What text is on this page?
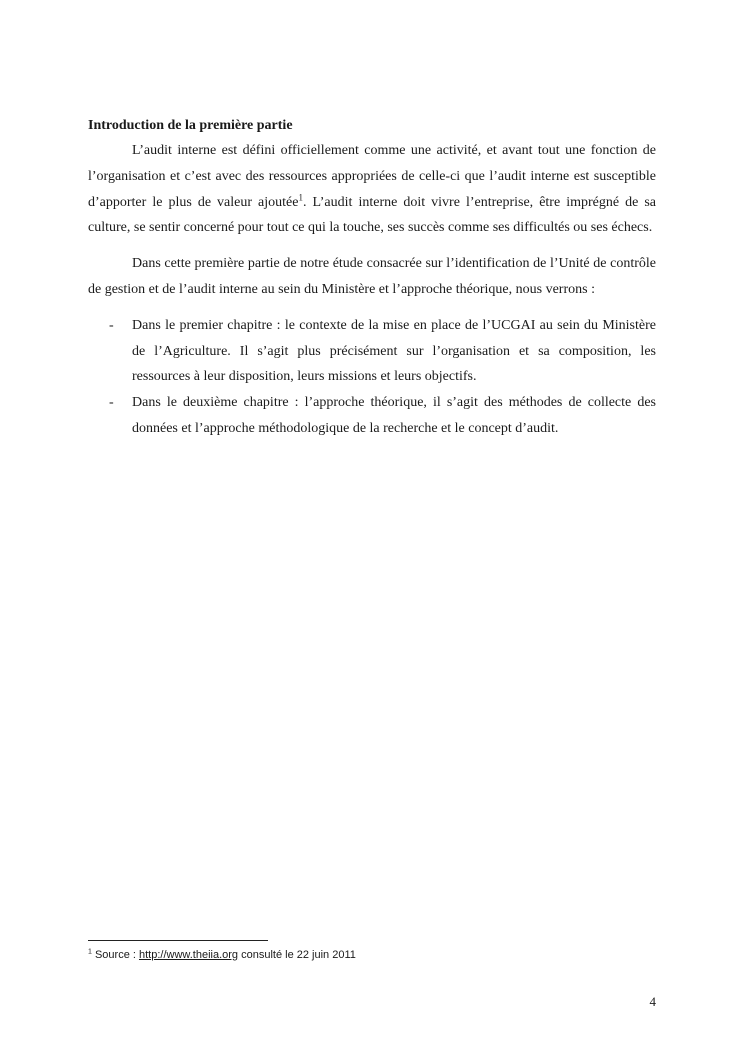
Introduction de la première partie

L’audit interne est défini officiellement comme une activité, et avant tout une fonction de l’organisation et c’est avec des ressources appropriées de celle-ci que l’audit interne est susceptible d’apporter le plus de valeur ajoutée$^1$. L’audit interne doit vivre l’entreprise, être imprégné de sa culture, se sentir concerné pour tout ce qui la touche, ses succès comme ses difficultés ou ses échecs.

Dans cette première partie de notre étude consacrée sur l’identification de l’Unité de contrôle de gestion et de l’audit interne au sein du Ministère et l’approche théorique, nous verrons :

- Dans le premier chapitre : le contexte de la mise en place de l’UCGAI au sein du Ministère de l’Agriculture. Il s’agit plus précisément sur l’organisation et sa composition, les ressources à leur disposition, leurs missions et leurs objectifs.
- Dans le deuxième chapitre : l’approche théorique, il s’agit des méthodes de collecte des données et l’approche méthodologique de la recherche et le concept d’audit.
$^1$ Source : http://www.theiia.org consulté le 22 juin 2011
4
